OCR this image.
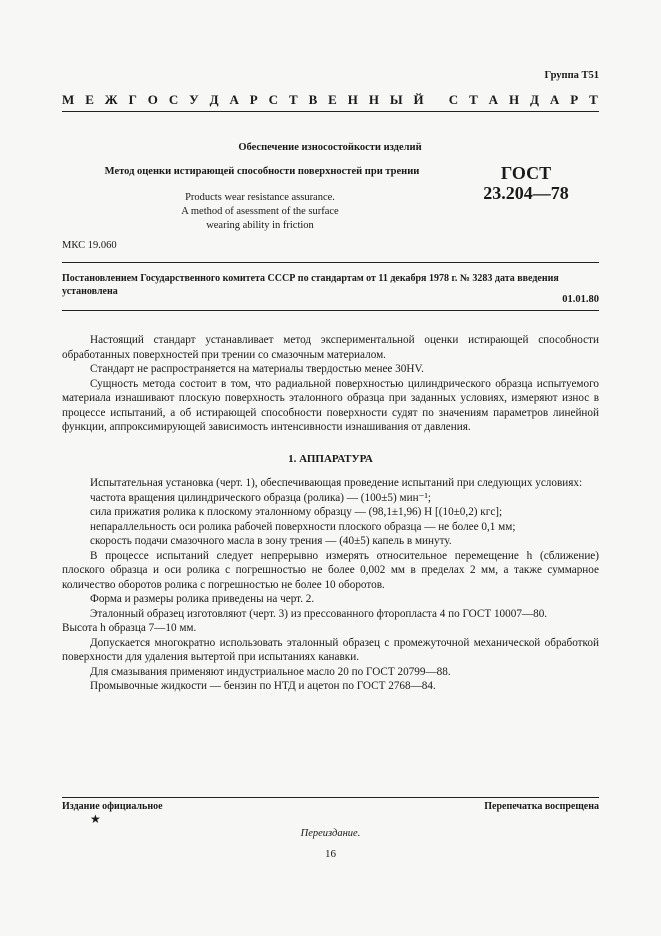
Группа Т51
М Е Ж Г О С У Д А Р С Т В Е Н Н Ы Й
С Т А Н Д А Р Т
Обеспечение износостойкости изделий
Метод оценки истирающей способности поверхностей при трении	ГОСТ
23.204—78
Products wear resistance assurance.
A method of asessment of the surface
wearing ability in friction
МКС 19.060
Постановлением Государственного комитета СССР по стандартам от 11 декабря 1978 г. № 3283 дата введения установлена
01.01.80

Настоящий стандарт устанавливает метод экспериментальной оценки истирающей способности обработанных поверхностей при трении со смазочным материалом.

Стандарт не распространяется на материалы твердостью менее 30HV.

Сущность метода состоит в том, что радиальной поверхностью цилиндрического образца испытуемого материала изнашивают плоскую поверхность эталонного образца при заданных условиях, измеряют износ в процессе испытаний, а об истирающей способности поверхности судят по значениям параметров линейной функции, аппроксимирующей зависимость интенсивности изнашивания от давления.

1. АППАРАТУРА

Испытательная установка (черт. 1), обеспечивающая проведение испытаний при следующих условиях:

частота вращения цилиндрического образца (ролика) — (100±5) мин⁻¹;

сила прижатия ролика к плоскому эталонному образцу — (98,1±1,96) Н [(10±0,2) кгс];

непараллельность оси ролика рабочей поверхности плоского образца — не более 0,1 мм;

скорость подачи смазочного масла в зону трения — (40±5) капель в минуту.

В процессе испытаний следует непрерывно измерять относительное перемещение h (сближение) плоского образца и оси ролика с погрешностью не более 0,002 мм в пределах 2 мм, а также суммарное количество оборотов ролика с погрешностью не более 10 оборотов.

Форма и размеры ролика приведены на черт. 2.

Эталонный образец изготовляют (черт. 3) из прессованного фторопласта 4 по ГОСТ 10007—80.

Высота h образца 7—10 мм.

Допускается многократно использовать эталонный образец с промежуточной механической обработкой поверхности для удаления вытертой при испытаниях канавки.

Для смазывания применяют индустриальное масло 20 по ГОСТ 20799—88.

Промывочные жидкости — бензин по НТД и ацетон по ГОСТ 2768—84.

Издание официальное	Перепечатка воспрещена
★
Переиздание.
16
